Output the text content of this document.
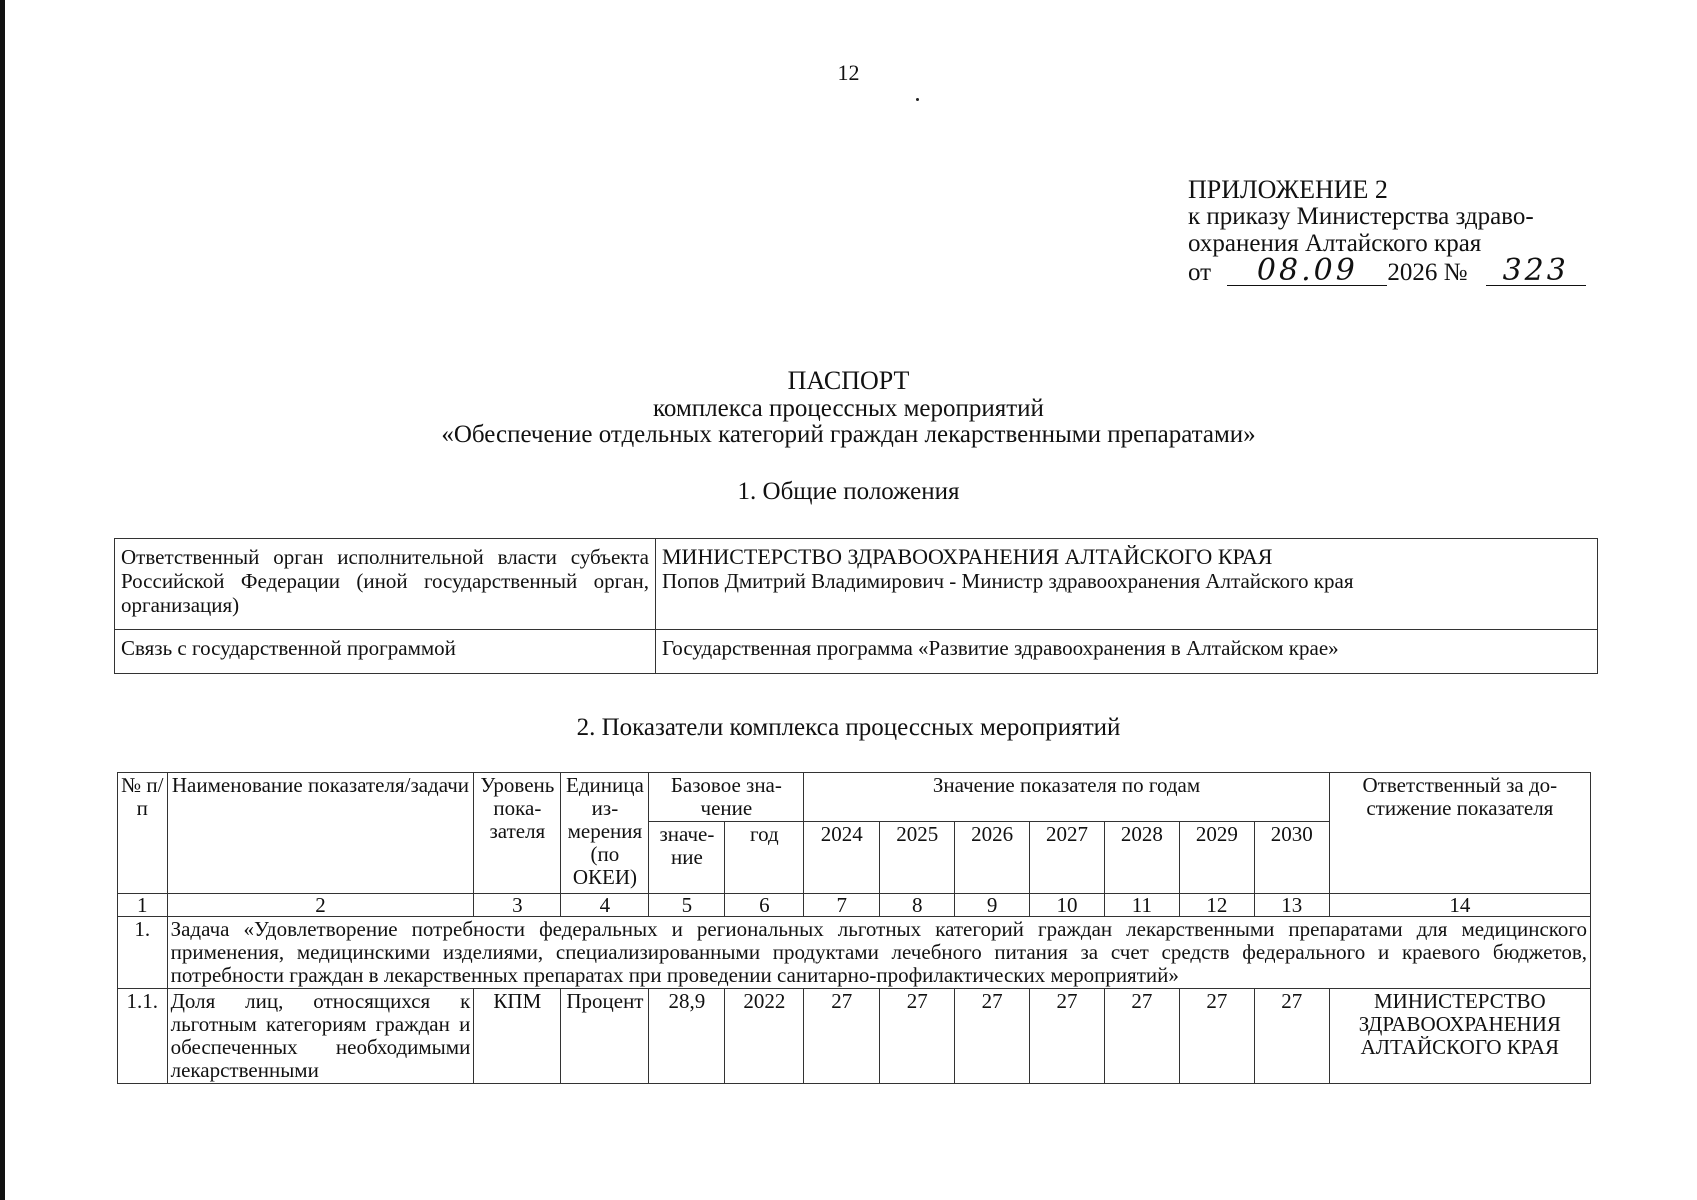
12
ПРИЛОЖЕНИЕ 2
к приказу Министерства здраво-
охранения Алтайского края
от 08.09 2026 № 323
ПАСПОРТ
комплекса процессных мероприятий
«Обеспечение отдельных категорий граждан лекарственными препаратами»
1. Общие положения
Ответственный орган исполнительной власти субъекта Российской Федерации (иной государственный орган, организация)	МИНИСТЕРСТВО ЗДРАВООХРАНЕНИЯ АЛТАЙСКОГО КРАЯ
Попов Дмитрий Владимирович - Министр здравоохранения Алтайского края

Связь с государственной программой	Государственная программа «Развитие здравоохранения в Алтайском крае»
2. Показатели комплекса процессных мероприятий
№ п/п	Наименование показателя/задачи	Уровень показателя	Единица измерения (по ОКЕИ)	Базовое значение		Значение показателя по годам							Ответственный за достижение показателя
				значение	год	2024	2025	2026	2027	2028	2029	2030	
1	2	3	4	5	6	7	8	9	10	11	12	13	14
1.	Задача «Удовлетворение потребности федеральных и региональных льготных категорий граждан лекарственными препаратами для медицинского применения, медицинскими изделиями, специализированными продуктами лечебного питания за счет средств федерального и краевого бюджетов, потребности граждан в лекарственных препаратах при проведении санитарно-профилактических мероприятий»												
1.1.	Доля лиц, относящихся к льготным категориям граждан и обеспеченных необходимыми лекарственными	КПМ	Процент	28,9	2022	27	27	27	27	27	27	27	МИНИСТЕРСТВО ЗДРАВООХРАНЕНИЯ АЛТАЙСКОГО КРАЯ
